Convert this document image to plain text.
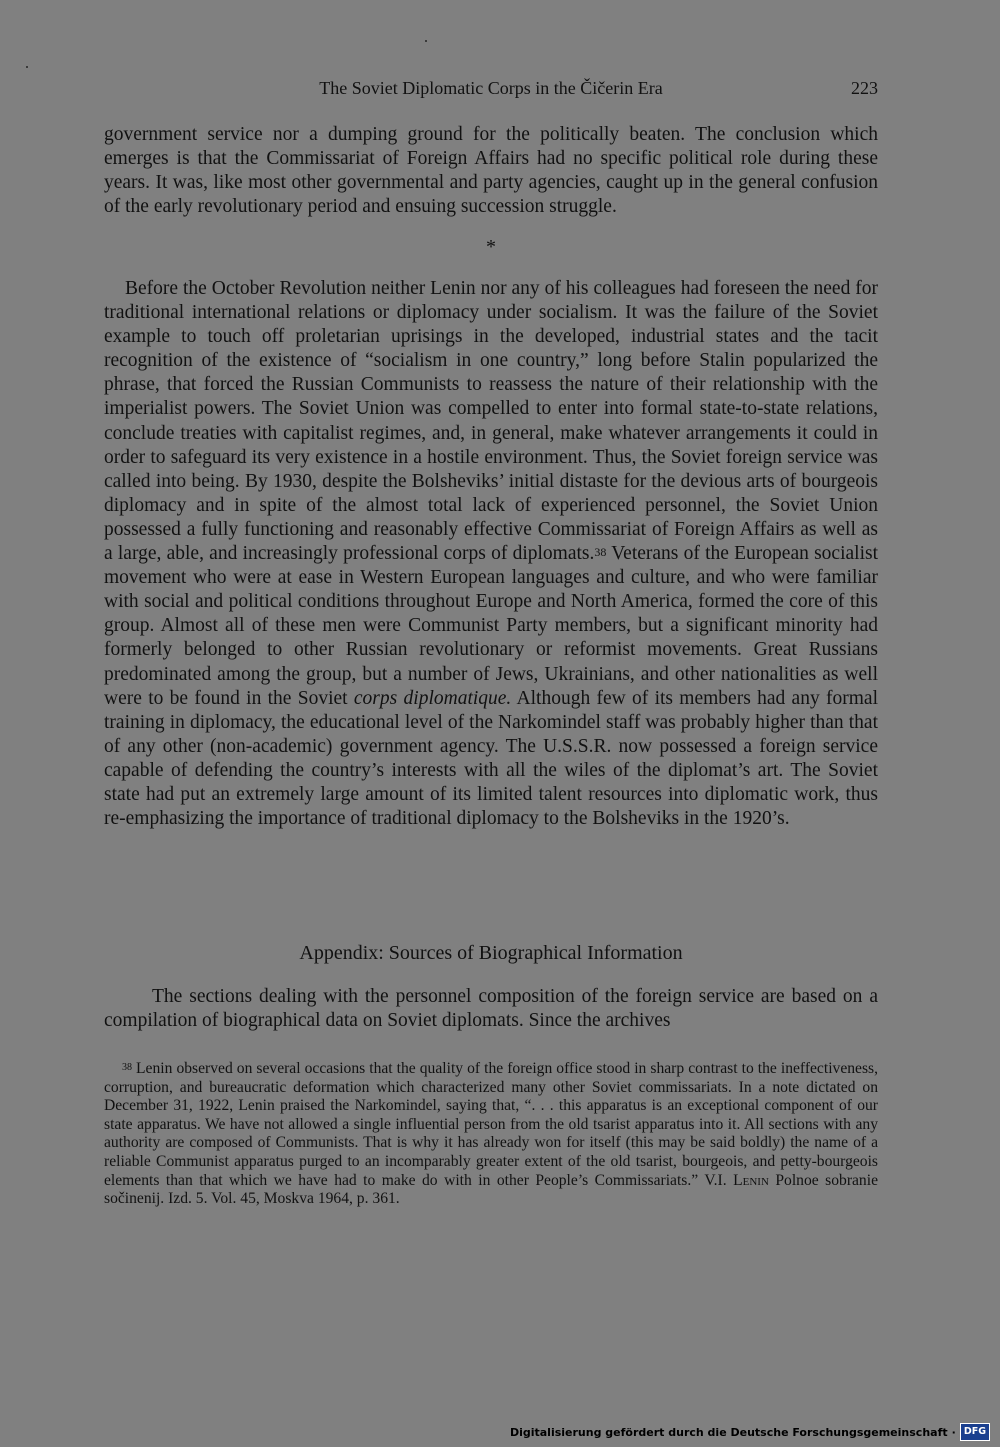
The Soviet Diplomatic Corps in the Čičerin Era	223

government service nor a dumping ground for the politically beaten. The conclusion which emerges is that the Commissariat of Foreign Affairs had no specific political role during these years. It was, like most other governmental and party agencies, caught up in the general confusion of the early revolutionary period and ensuing succession struggle.

*

Before the October Revolution neither Lenin nor any of his colleagues had foreseen the need for traditional international relations or diplomacy under socialism. It was the failure of the Soviet example to touch off proletarian uprisings in the developed, industrial states and the tacit recognition of the existence of “socialism in one country,” long before Stalin popularized the phrase, that forced the Russian Communists to reassess the nature of their relationship with the imperialist powers. The Soviet Union was compelled to enter into formal state-to-state relations, conclude treaties with capitalist regimes, and, in general, make whatever arrangements it could in order to safeguard its very existence in a hostile environment. Thus, the Soviet foreign service was called into being. By 1930, despite the Bolsheviks’ initial distaste for the devious arts of bourgeois diplomacy and in spite of the almost total lack of experienced personnel, the Soviet Union possessed a fully functioning and reasonably effective Commissariat of Foreign Affairs as well as a large, able, and increasingly professional corps of diplomats.$^{38}$ Veterans of the European socialist movement who were at ease in Western European languages and culture, and who were familiar with social and political conditions throughout Europe and North America, formed the core of this group. Almost all of these men were Communist Party members, but a significant minority had formerly belonged to other Russian revolutionary or reformist movements. Great Russians predominated among the group, but a number of Jews, Ukrainians, and other nationalities as well were to be found in the Soviet corps diplomatique. Although few of its members had any formal training in diplomacy, the educational level of the Narkomindel staff was probably higher than that of any other (non-academic) government agency. The U.S.S.R. now possessed a foreign service capable of defending the country’s interests with all the wiles of the diplomat’s art. The Soviet state had put an extremely large amount of its limited talent resources into diplomatic work, thus re-emphasizing the importance of traditional diplomacy to the Bolsheviks in the 1920’s.

Appendix: Sources of Biographical Information

The sections dealing with the personnel composition of the foreign service are based on a compilation of biographical data on Soviet diplomats. Since the archives

$^{38}$ Lenin observed on several occasions that the quality of the foreign office stood in sharp contrast to the ineffectiveness, corruption, and bureaucratic deformation which characterized many other Soviet commissariats. In a note dictated on December 31, 1922, Lenin praised the Narkomindel, saying that, “. . . this apparatus is an exceptional component of our state apparatus. We have not allowed a single influential person from the old tsarist apparatus into it. All sections with any authority are composed of Communists. That is why it has already won for itself (this may be said boldly) the name of a reliable Communist apparatus purged to an incomparably greater extent of the old tsarist, bourgeois, and petty-bourgeois elements than that which we have had to make do with in other People’s Commissariats.” V.I. Lenin Polnoe sobranie sočinenij. Izd. 5. Vol. 45, Moskva 1964, p. 361.

Digitalisierung gefördert durch die Deutsche Forschungsgemeinschaft · DFG
